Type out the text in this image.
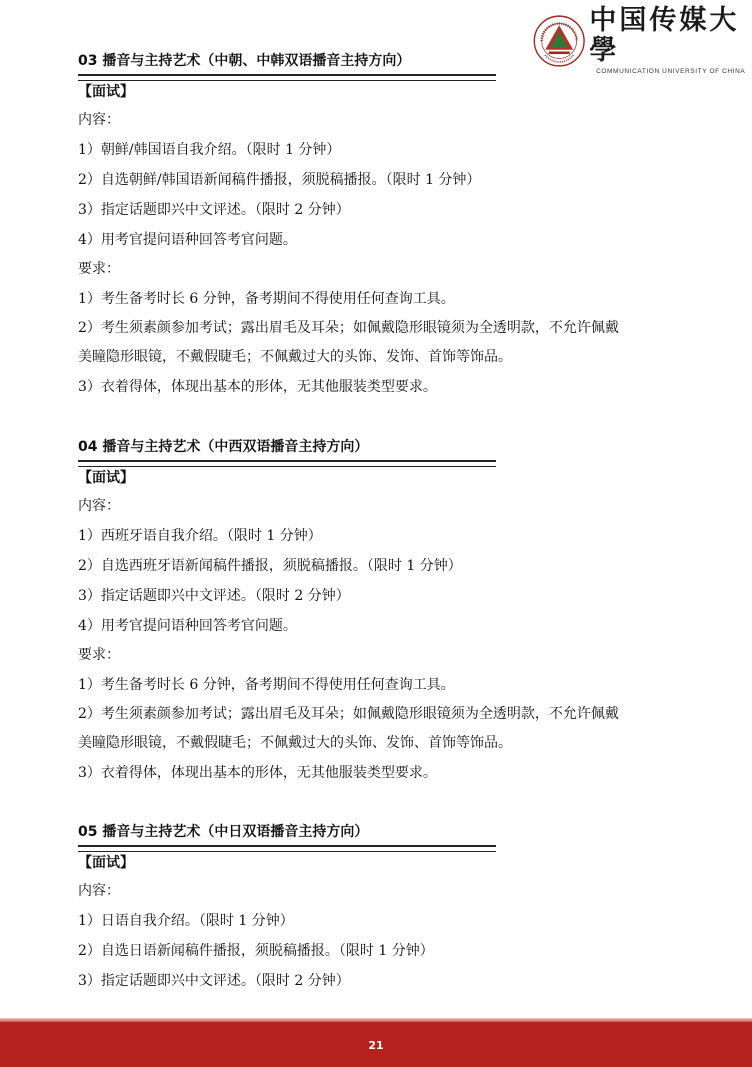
中国传媒大學
COMMUNICATION UNIVERSITY OF CHINA
03 播音与主持艺术（中朝、中韩双语播音主持方向）
【面试】
内容：
1）朝鲜/韩国语自我介绍。（限时 1 分钟）
2）自选朝鲜/韩国语新闻稿件播报，须脱稿播报。（限时 1 分钟）
3）指定话题即兴中文评述。（限时 2 分钟）
4）用考官提问语种回答考官问题。
要求：
1）考生备考时长 6 分钟，备考期间不得使用任何查询工具。
2）考生须素颜参加考试；露出眉毛及耳朵；如佩戴隐形眼镜须为全透明款，不允许佩戴
美瞳隐形眼镜，不戴假睫毛；不佩戴过大的头饰、发饰、首饰等饰品。
3）衣着得体，体现出基本的形体，无其他服装类型要求。
04 播音与主持艺术（中西双语播音主持方向）
【面试】
内容：
1）西班牙语自我介绍。（限时 1 分钟）
2）自选西班牙语新闻稿件播报，须脱稿播报。（限时 1 分钟）
3）指定话题即兴中文评述。（限时 2 分钟）
4）用考官提问语种回答考官问题。
要求：
1）考生备考时长 6 分钟，备考期间不得使用任何查询工具。
2）考生须素颜参加考试；露出眉毛及耳朵；如佩戴隐形眼镜须为全透明款，不允许佩戴
美瞳隐形眼镜，不戴假睫毛；不佩戴过大的头饰、发饰、首饰等饰品。
3）衣着得体，体现出基本的形体，无其他服装类型要求。
05 播音与主持艺术（中日双语播音主持方向）
【面试】
内容：
1）日语自我介绍。（限时 1 分钟）
2）自选日语新闻稿件播报，须脱稿播报。（限时 1 分钟）
3）指定话题即兴中文评述。（限时 2 分钟）
21
